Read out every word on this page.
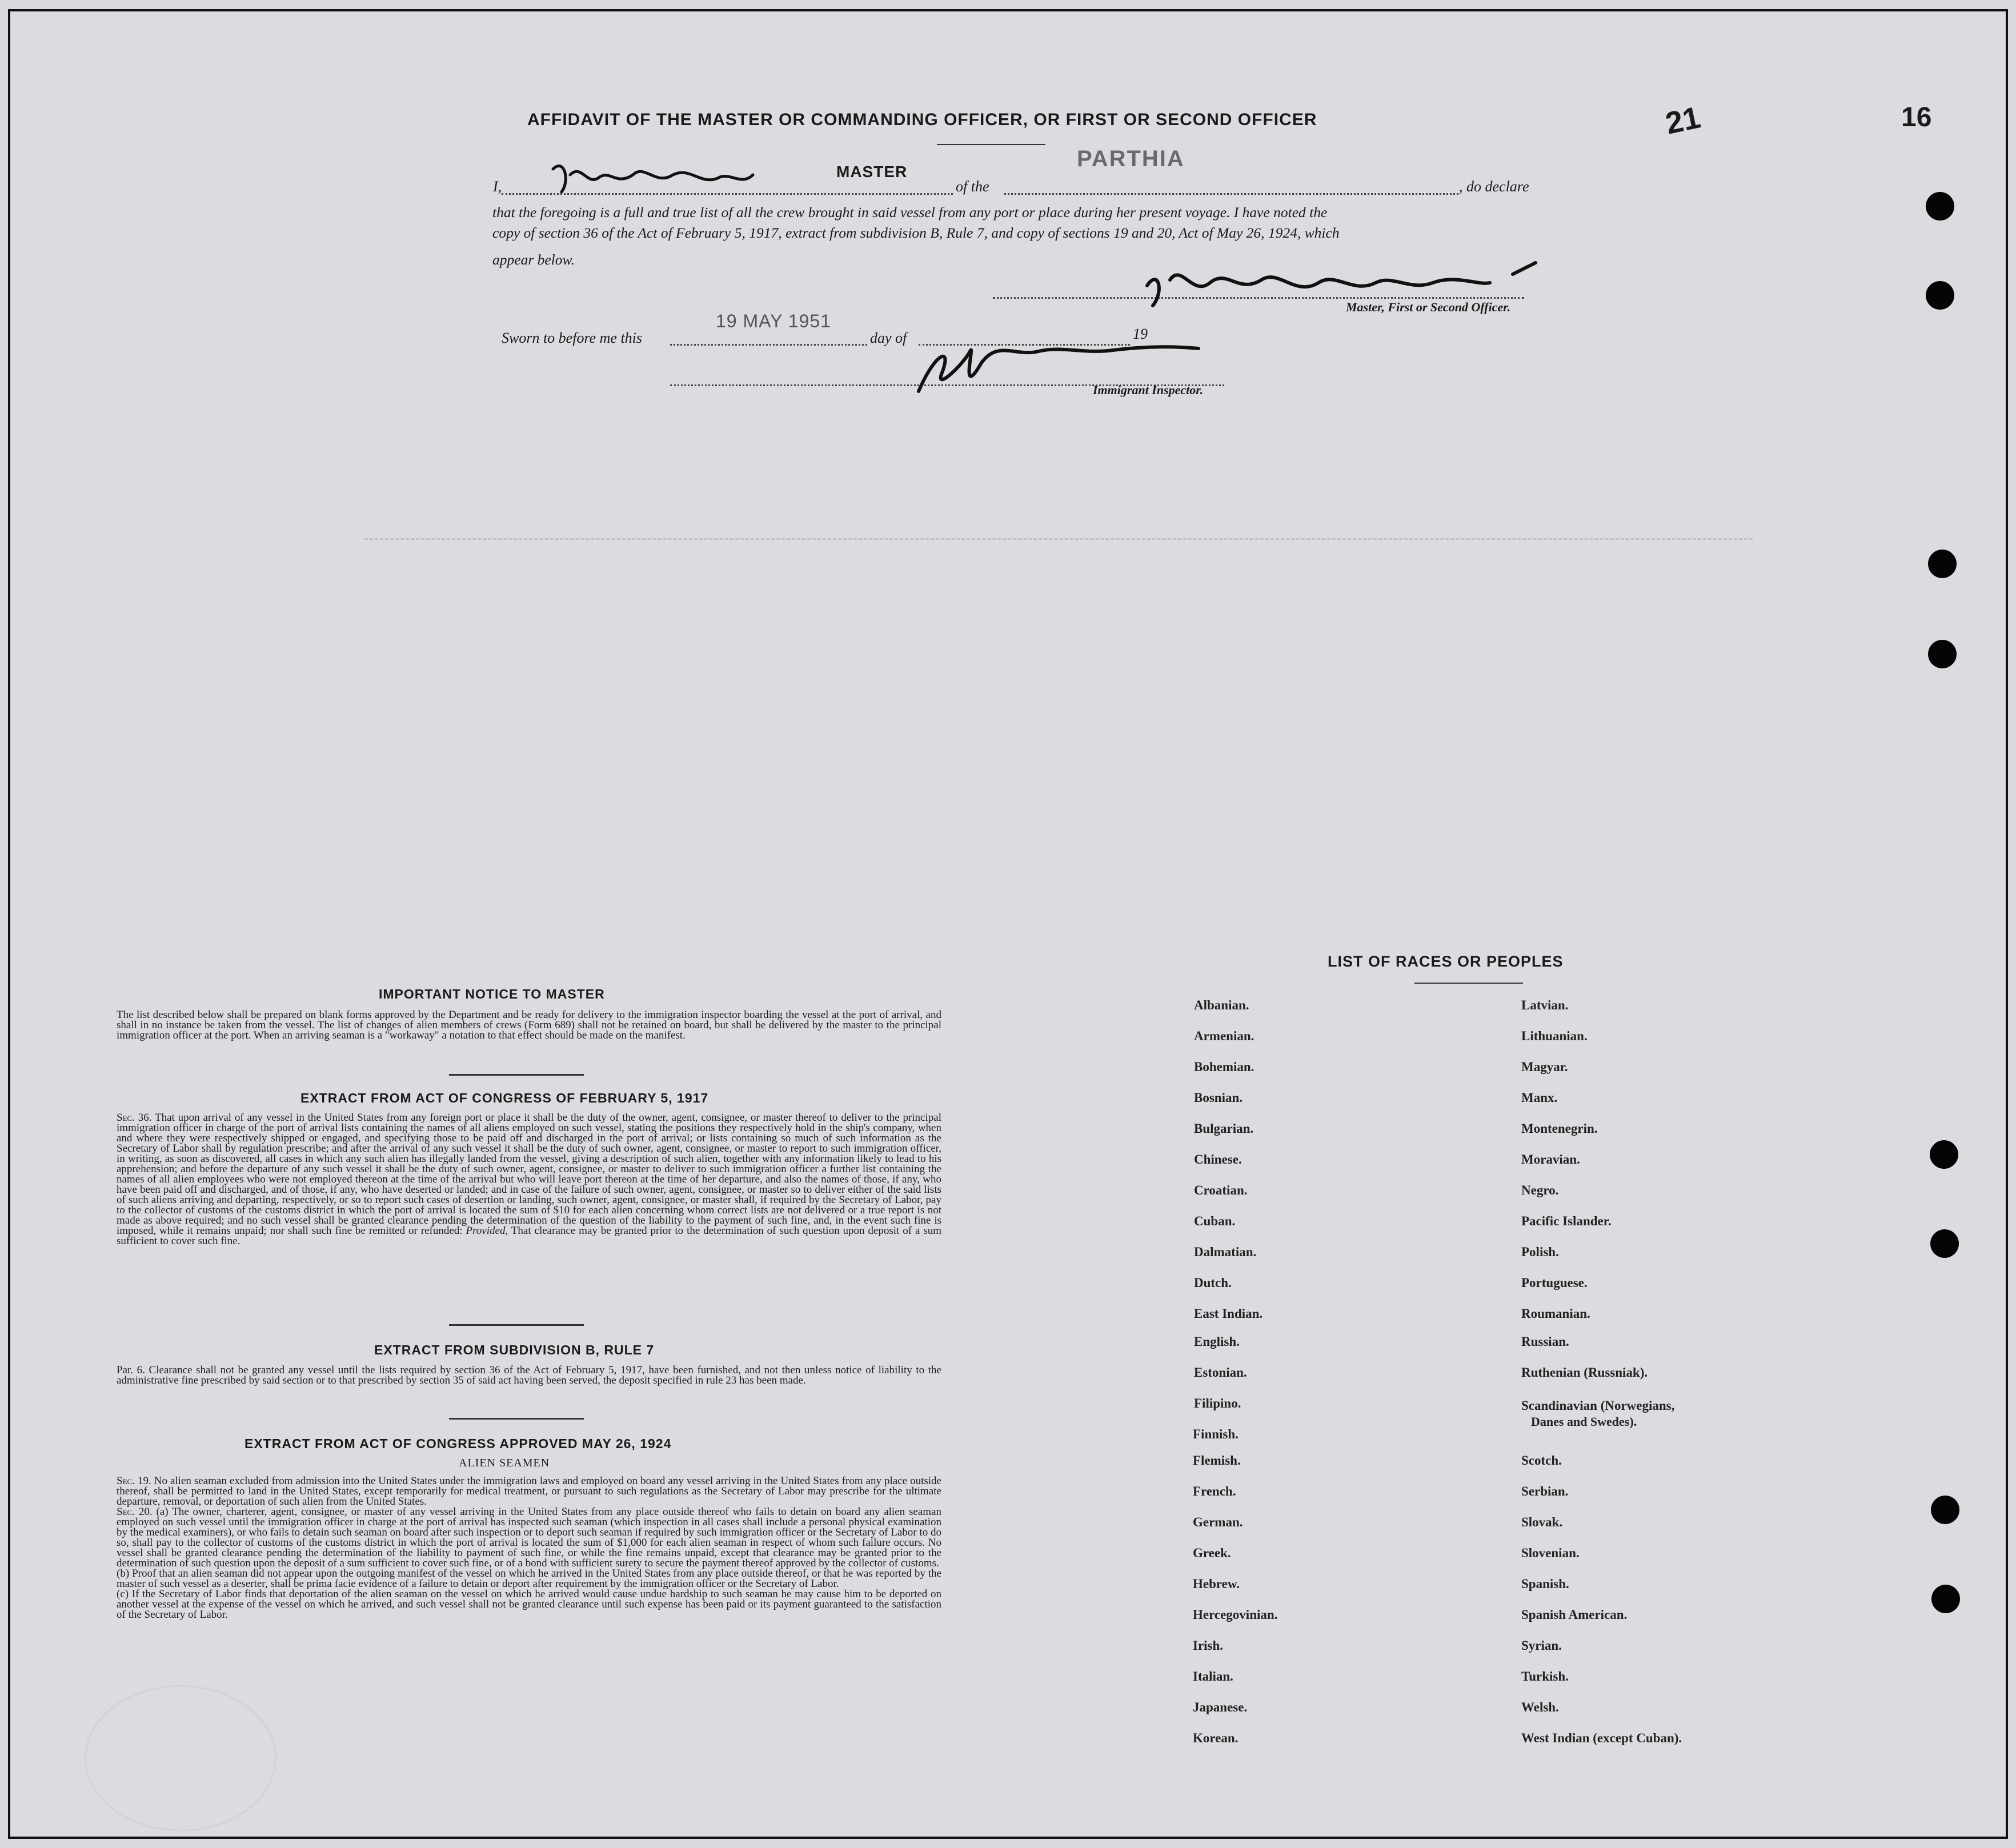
21	16
AFFIDAVIT OF THE MASTER OR COMMANDING OFFICER, OR FIRST OR SECOND OFFICER
I,
MASTER
of the
PARTHIA
, do declare
that the foregoing is a full and true list of all the crew brought in said vessel from any port or place during her present voyage. I have noted the
copy of section 36 of the Act of February 5, 1917, extract from subdivision B, Rule 7, and copy of sections 19 and 20, Act of May 26, 1924, which
appear below.
Master, First or Second Officer.
Sworn to before me this
19 MAY 1951
day of	19
Immigrant Inspector.
IMPORTANT NOTICE TO MASTER
The list described below shall be prepared on blank forms approved by the Department and be ready for delivery to the immigration inspector boarding the vessel at the port of arrival, and shall in no instance be taken from the vessel. The list of changes of alien members of crews (Form 689) shall not be retained on board, but shall be delivered by the master to the principal immigration officer at the port. When an arriving seaman is a "workaway" a notation to that effect should be made on the manifest.
EXTRACT FROM ACT OF CONGRESS OF FEBRUARY 5, 1917
Sec. 36. That upon arrival of any vessel in the United States from any foreign port or place it shall be the duty of the owner, agent, consignee, or master thereof to deliver to the principal immigration officer in charge of the port of arrival lists containing the names of all aliens employed on such vessel, stating the positions they respectively hold in the ship's company, when and where they were respectively shipped or engaged, and specifying those to be paid off and discharged in the port of arrival; or lists containing so much of such information as the Secretary of Labor shall by regulation prescribe; and after the arrival of any such vessel it shall be the duty of such owner, agent, consignee, or master to report to such immigration officer, in writing, as soon as discovered, all cases in which any such alien has illegally landed from the vessel, giving a description of such alien, together with any information likely to lead to his apprehension; and before the departure of any such vessel it shall be the duty of such owner, agent, consignee, or master to deliver to such immigration officer a further list containing the names of all alien employees who were not employed thereon at the time of the arrival but who will leave port thereon at the time of her departure, and also the names of those, if any, who have been paid off and discharged, and of those, if any, who have deserted or landed; and in case of the failure of such owner, agent, consignee, or master so to deliver either of the said lists of such aliens arriving and departing, respectively, or so to report such cases of desertion or landing, such owner, agent, consignee, or master shall, if required by the Secretary of Labor, pay to the collector of customs of the customs district in which the port of arrival is located the sum of $10 for each alien concerning whom correct lists are not delivered or a true report is not made as above required; and no such vessel shall be granted clearance pending the determination of the question of the liability to the payment of such fine, and, in the event such fine is imposed, while it remains unpaid; nor shall such fine be remitted or refunded: Provided, That clearance may be granted prior to the determination of such question upon deposit of a sum sufficient to cover such fine.
EXTRACT FROM SUBDIVISION B, RULE 7
Par. 6. Clearance shall not be granted any vessel until the lists required by section 36 of the Act of February 5, 1917, have been furnished, and not then unless notice of liability to the administrative fine prescribed by said section or to that prescribed by section 35 of said act having been served, the deposit specified in rule 23 has been made.
EXTRACT FROM ACT OF CONGRESS APPROVED MAY 26, 1924
ALIEN SEAMEN
Sec. 19. No alien seaman excluded from admission into the United States under the immigration laws and employed on board any vessel arriving in the United States from any place outside thereof, shall be permitted to land in the United States, except temporarily for medical treatment, or pursuant to such regulations as the Secretary of Labor may prescribe for the ultimate departure, removal, or deportation of such alien from the United States.
Sec. 20. (a) The owner, charterer, agent, consignee, or master of any vessel arriving in the United States from any place outside thereof who fails to detain on board any alien seaman employed on such vessel until the immigration officer in charge at the port of arrival has inspected such seaman (which inspection in all cases shall include a personal physical examination by the medical examiners), or who fails to detain such seaman on board after such inspection or to deport such seaman if required by such immigration officer or the Secretary of Labor to do so, shall pay to the collector of customs of the customs district in which the port of arrival is located the sum of $1,000 for each alien seaman in respect of whom such failure occurs. No vessel shall be granted clearance pending the determination of the liability to payment of such fine, or while the fine remains unpaid, except that clearance may be granted prior to the determination of such question upon the deposit of a sum sufficient to cover such fine, or of a bond with sufficient surety to secure the payment thereof approved by the collector of customs.
(b) Proof that an alien seaman did not appear upon the outgoing manifest of the vessel on which he arrived in the United States from any place outside thereof, or that he was reported by the master of such vessel as a deserter, shall be prima facie evidence of a failure to detain or deport after requirement by the immigration officer or the Secretary of Labor.
(c) If the Secretary of Labor finds that deportation of the alien seaman on the vessel on which he arrived would cause undue hardship to such seaman he may cause him to be deported on another vessel at the expense of the vessel on which he arrived, and such vessel shall not be granted clearance until such expense has been paid or its payment guaranteed to the satisfaction of the Secretary of Labor.
LIST OF RACES OR PEOPLES
Albanian.
Armenian.
Bohemian.
Bosnian.
Bulgarian.
Chinese.
Croatian.
Cuban.
Dalmatian.
Dutch.
East Indian.
English.
Estonian.
Filipino.
Finnish.
Flemish.
French.
German.
Greek.
Hebrew.
Hercegovinian.
Irish.
Italian.
Japanese.
Korean.
Latvian.
Lithuanian.
Magyar.
Manx.
Montenegrin.
Moravian.
Negro.
Pacific Islander.
Polish.
Portuguese.
Roumanian.
Russian.
Ruthenian (Russniak).
Scandinavian (Norwegians,
Danes and Swedes).
Scotch.
Serbian.
Slovak.
Slovenian.
Spanish.
Spanish American.
Syrian.
Turkish.
Welsh.
West Indian (except Cuban).
